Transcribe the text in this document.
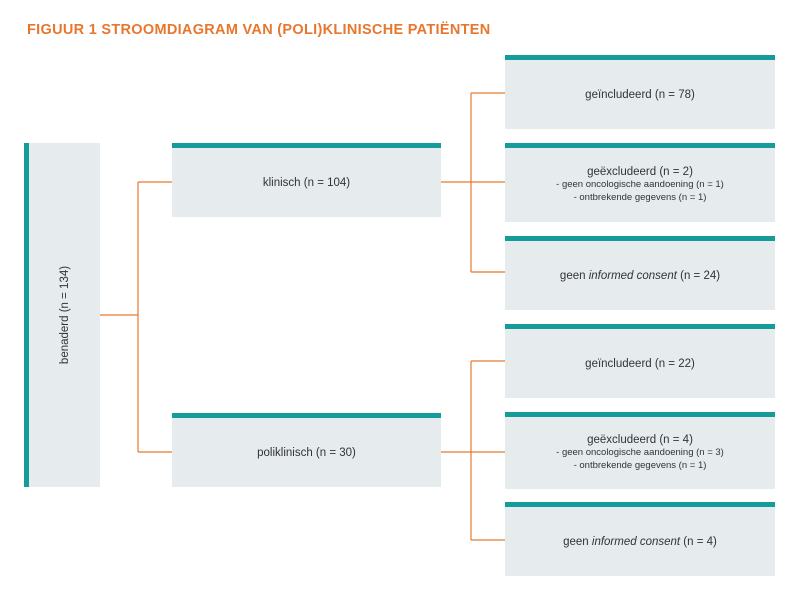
FIGUUR 1 STROOMDIAGRAM VAN (POLI)KLINISCHE PATIËNTEN
benaderd (n = 134)
klinisch (n = 104)
poliklinisch (n = 30)
geïncludeerd (n = 78)
geëxcludeerd (n = 2)
- geen oncologische aandoening (n = 1)
- ontbrekende gegevens (n = 1)
geen informed consent (n = 24)
geïncludeerd (n = 22)
geëxcludeerd (n = 4)
- geen oncologische aandoening (n = 3)
- ontbrekende gegevens (n = 1)
geen informed consent (n = 4)
